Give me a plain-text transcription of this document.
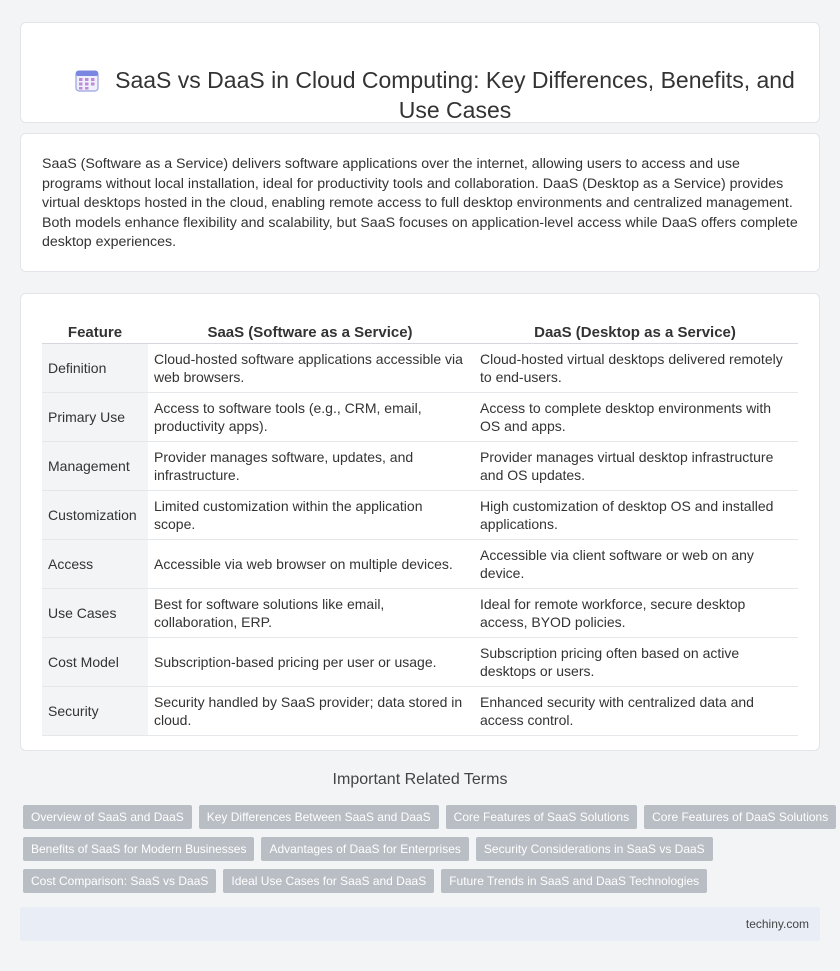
SaaS vs DaaS in Cloud Computing: Key Differences, Benefits, and Use Cases

SaaS (Software as a Service) delivers software applications over the internet, allowing users to access and use programs without local installation, ideal for productivity tools and collaboration. DaaS (Desktop as a Service) provides virtual desktops hosted in the cloud, enabling remote access to full desktop environments and centralized management. Both models enhance flexibility and scalability, but SaaS focuses on application-level access while DaaS offers complete desktop experiences.

Feature	SaaS (Software as a Service)	DaaS (Desktop as a Service)
Definition	Cloud-hosted software applications accessible via web browsers.	Cloud-hosted virtual desktops delivered remotely to end-users.
Primary Use	Access to software tools (e.g., CRM, email, productivity apps).	Access to complete desktop environments with OS and apps.
Management	Provider manages software, updates, and infrastructure.	Provider manages virtual desktop infrastructure and OS updates.
Customization	Limited customization within the application scope.	High customization of desktop OS and installed applications.
Access	Accessible via web browser on multiple devices.	Accessible via client software or web on any device.
Use Cases	Best for software solutions like email, collaboration, ERP.	Ideal for remote workforce, secure desktop access, BYOD policies.
Cost Model	Subscription-based pricing per user or usage.	Subscription pricing often based on active desktops or users.
Security	Security handled by SaaS provider; data stored in cloud.	Enhanced security with centralized data and access control.
Important Related Terms
Overview of SaaS and DaaS	Key Differences Between SaaS and DaaS	Core Features of SaaS Solutions	Core Features of DaaS Solutions
Benefits of SaaS for Modern Businesses	Advantages of DaaS for Enterprises	Security Considerations in SaaS vs DaaS
Cost Comparison: SaaS vs DaaS	Ideal Use Cases for SaaS and DaaS	Future Trends in SaaS and DaaS Technologies
techiny.com
